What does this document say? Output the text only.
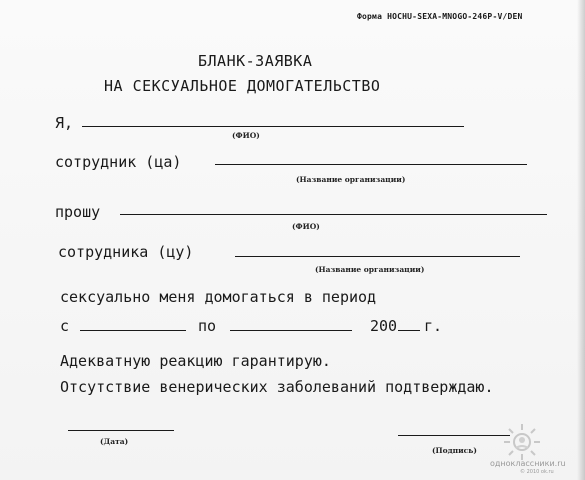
Форма HOCHU-SEXA-MNOGO-246P-V/DEN
БЛАНК-ЗАЯВКА
НА СЕКСУАЛЬНОЕ ДОМОГАТЕЛЬСТВО
Я,
(ФИО)
сотрудник (ца)
(Название организации)
прошу
(ФИО)
сотрудника (цу)
(Название организации)
сексуально меня домогаться в период
с	по	200 г.
Адекватную реакцию гарантирую.
Отсутствие венерических заболеваний подтверждаю.
(Дата)
(Подпись)
одноклассники.ru
© 2010 ok.ru
